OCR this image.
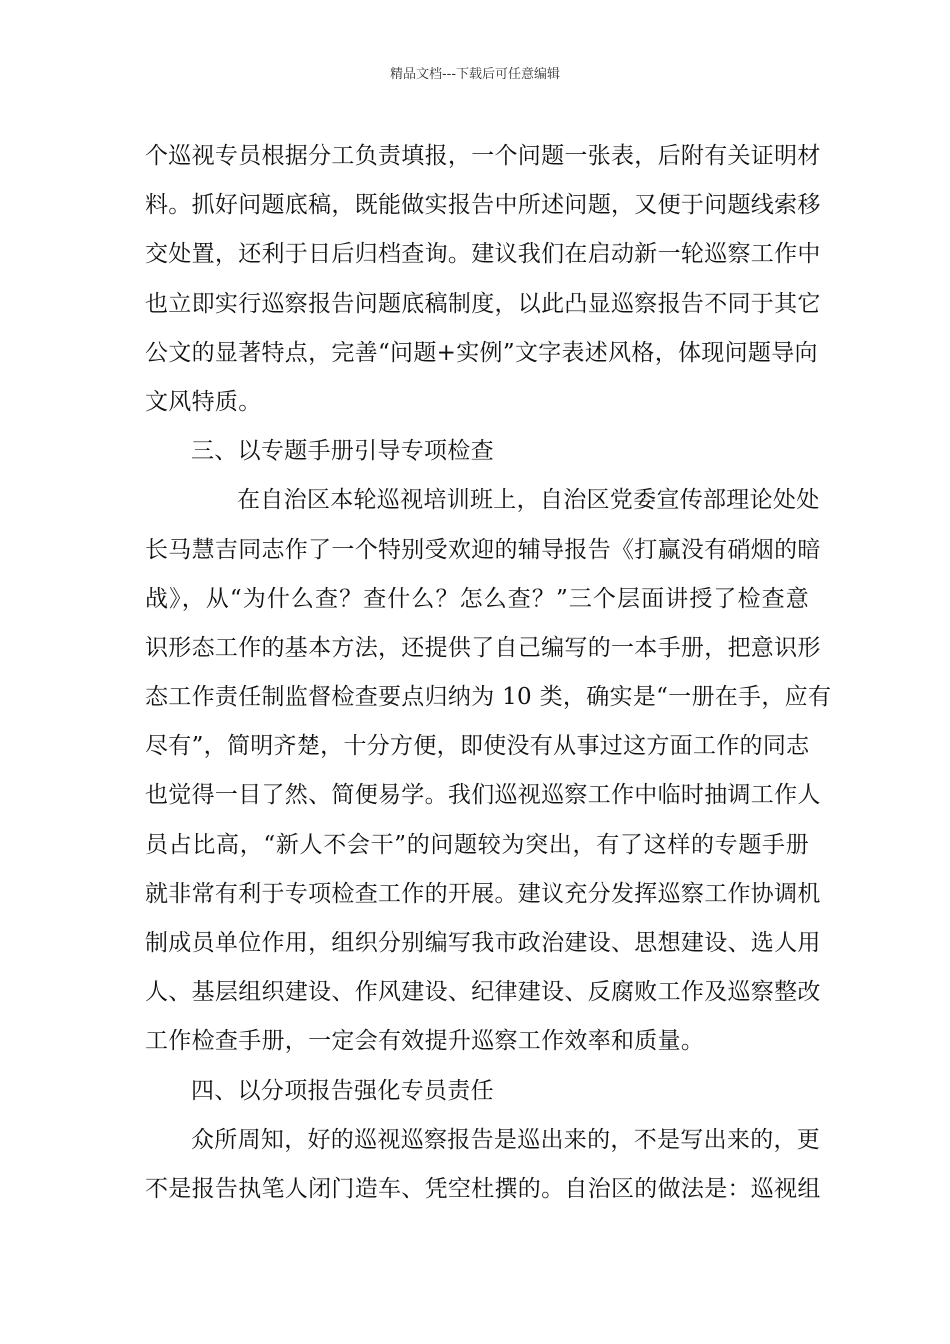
精品文档---下载后可任意编辑
个巡视专员根据分工负责填报，一个问题一张表，后附有关证明材
料。抓好问题底稿，既能做实报告中所述问题，又便于问题线索移
交处置，还利于日后归档查询。建议我们在启动新一轮巡察工作中
也立即实行巡察报告问题底稿制度，以此凸显巡察报告不同于其它
公文的显著特点，完善“问题+实例”文字表述风格，体现问题导向
文风特质。
三、以专题手册引导专项检查
在自治区本轮巡视培训班上，自治区党委宣传部理论处处
长马慧吉同志作了一个特别受欢迎的辅导报告《打赢没有硝烟的暗
战》，从“为什么查？查什么？怎么查？”三个层面讲授了检查意
识形态工作的基本方法，还提供了自己编写的一本手册，把意识形
态工作责任制监督检查要点归纳为 10 类，确实是“一册在手，应有
尽有”，简明齐楚，十分方便，即使没有从事过这方面工作的同志
也觉得一目了然、简便易学。我们巡视巡察工作中临时抽调工作人
员占比高，“新人不会干”的问题较为突出，有了这样的专题手册
就非常有利于专项检查工作的开展。建议充分发挥巡察工作协调机
制成员单位作用，组织分别编写我市政治建设、思想建设、选人用
人、基层组织建设、作风建设、纪律建设、反腐败工作及巡察整改
工作检查手册，一定会有效提升巡察工作效率和质量。
四、以分项报告强化专员责任
众所周知，好的巡视巡察报告是巡出来的，不是写出来的，更
不是报告执笔人闭门造车、凭空杜撰的。自治区的做法是：巡视组
